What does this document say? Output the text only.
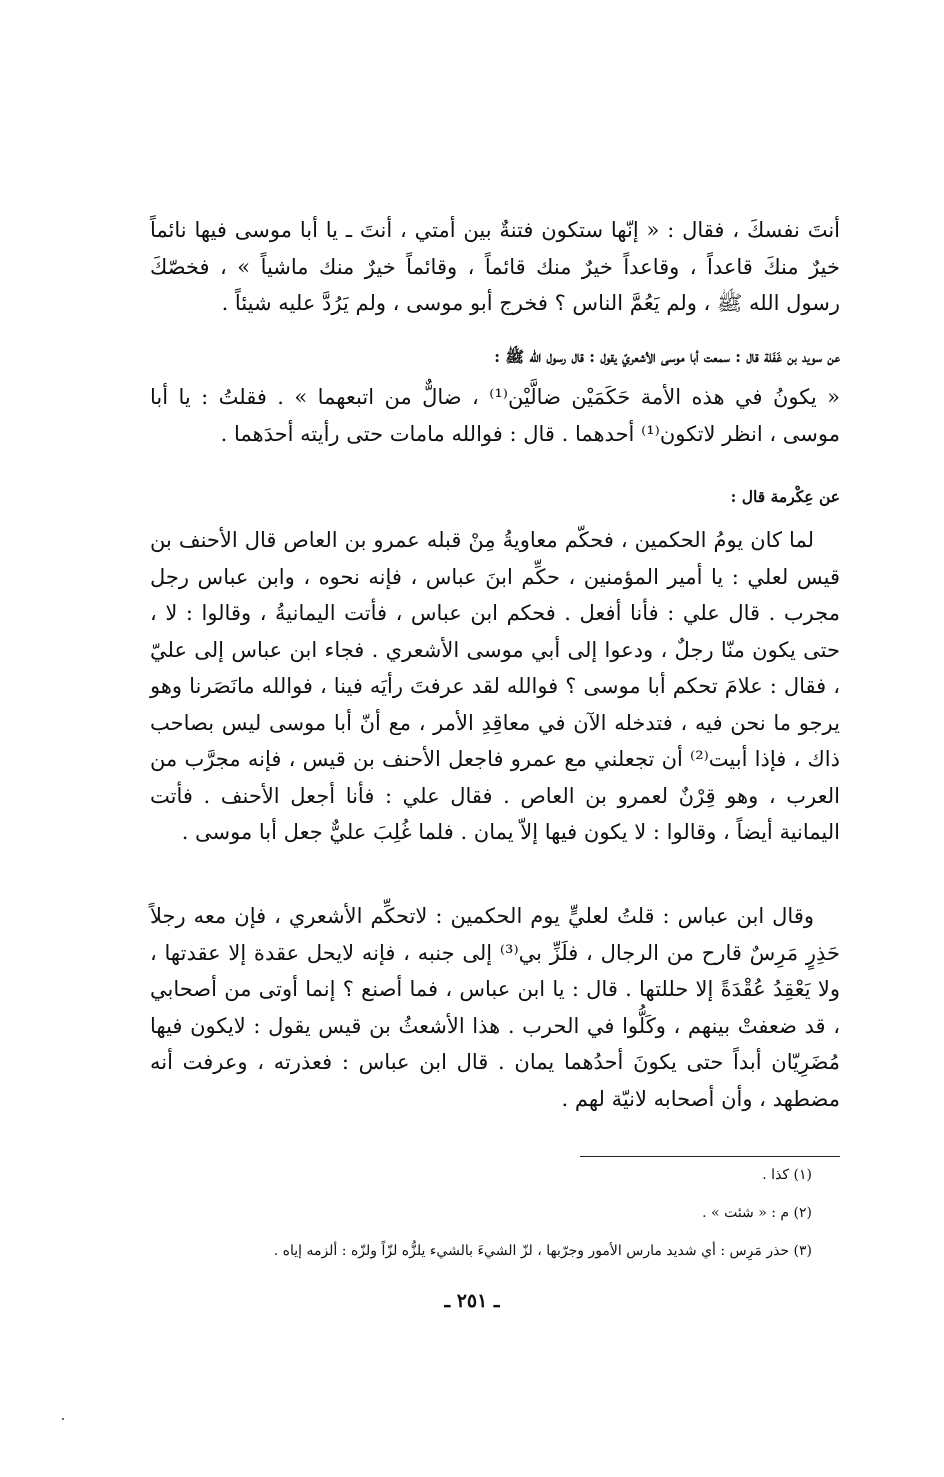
أنتَ نفسكَ ، فقال : « إنّها ستكون فتنةٌ بين أمتي ، أنتَ ـ يا أبا موسى فيها نائماً خيرٌ منكَ قاعداً ، وقاعداً خيرٌ منك قائماً ، وقائماً خيرٌ منك ماشياً » ، فخصّكَ رسول الله ﷺ ، ولم يَعُمَّ الناس ؟ فخرج أبو موسى ، ولم يَرُدَّ عليه شيئاً .

عن سويد بن غَفَلة قال : سمعت أبا موسى الأشعريّ يقول : قال رسول الله ﷺ :

« يكونُ في هذه الأمة حَكَمَيْن ضالَّيْن⁽¹⁾ ، ضالٌّ من اتبعهما » . فقلتُ : يا أبا موسى ، انظر لاتكون⁽¹⁾ أحدهما . قال : فوالله مامات حتى رأيته أحدَهما .

عن عِكْرمة قال :

لما كان يومُ الحكمين ، فحكّم معاويةُ مِنْ قبله عمرو بن العاص قال الأحنف بن قيس لعلي : يا أمير المؤمنين ، حكِّم ابنَ عباس ، فإنه نحوه ، وابن عباس رجل مجرب . قال علي : فأنا أفعل . فحكم ابن عباس ، فأتت اليمانيةُ ، وقالوا : لا ، حتى يكون منّا رجلٌ ، ودعوا إلى أبي موسى الأشعري . فجاء ابن عباس إلى عليّ ، فقال : علامَ تحكم أبا موسى ؟ فوالله لقد عرفتَ رأيَه فينا ، فوالله مانَصَرنا وهو يرجو ما نحن فيه ، فتدخله الآن في معاقِدِ الأمر ، مع أنّ أبا موسى ليس بصاحب ذاك ، فإذا أبيت⁽²⁾ أن تجعلني مع عمرو فاجعل الأحنف بن قيس ، فإنه مجرَّب من العرب ، وهو قِرْنٌ لعمرو بن العاص . فقال علي : فأنا أجعل الأحنف . فأتت اليمانية أيضاً ، وقالوا : لا يكون فيها إلاّ يمان . فلما غُلِبَ عليٌّ جعل أبا موسى .

وقال ابن عباس : قلتُ لعليٍّ يوم الحكمين : لاتحكِّم الأشعري ، فإن معه رجلاً حَذِرٍ مَرِسٌ قارح من الرجال ، فلَزِّ بي⁽³⁾ إلى جنبه ، فإنه لايحل عقدة إلا عقدتها ، ولا يَعْقِدُ عُقْدَةً إلا حللتها . قال : يا ابن عباس ، فما أصنع ؟ إنما أوتى من أصحابي ، قد ضعفتْ بينهم ، وكَلُّوا في الحرب . هذا الأشعثُ بن قيس يقول : لايكون فيها مُضَرِيّان أبداً حتى يكونَ أحدُهما يمان . قال ابن عباس : فعذرته ، وعرفت أنه مضطهد ، وأن أصحابه لانيّة لهم .

(١) كذا .

(٢) م : « شئت » .

(٣) حذر مَرِس : أي شديد مارس الأمور وجرّبها ، لزّ الشيءَ بالشيء يلزُّه لزّاً ولزّه : ألزمه إياه .

ـ ٢٥١ ـ
